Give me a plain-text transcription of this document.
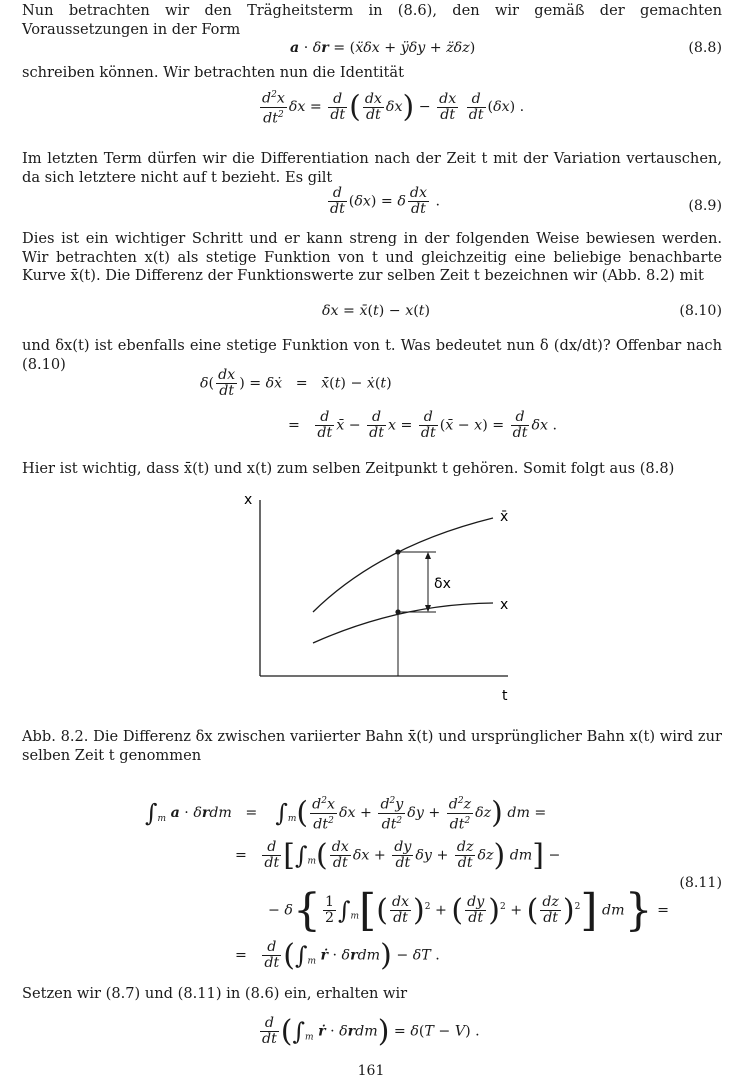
Nun betrachten wir den Trägheitsterm in (8.6), den wir gemäß der gemachten Voraussetzungen in der Form
a · δr = (ẍδx + ÿδy + z̈δz)	(8.8)
schreiben können. Wir betrachten nun die Identität
$\frac{d^2x}{dt^2}$ $\delta x = \frac{d}{dt}$ ( $\frac{dx}{dt} \delta x) - \frac{dx}{dt}$
$\frac{d}{dt} (\delta x)$ .
Im letzten Term dürfen wir die Differentiation nach der Zeit t mit der Variation vertauschen, da sich letztere nicht auf t bezieht. Es gilt
$\frac{d}{dt} (\delta x) = \delta \frac{dx}{dt}$ .	(8.9)
Dies ist ein wichtiger Schritt und er kann streng in der folgenden Weise bewiesen werden. Wir betrachten x(t) als stetige Funktion von t und gleichzeitig eine beliebige benachbarte Kurve x̄(t). Die Differenz der Funktionswerte zur selben Zeit t bezeichnen wir (Abb. 8.2) mit
δx = x̄(t) − x(t)	(8.10)
und δx(t) ist ebenfalls eine stetige Funktion von t. Was bedeutet nun δ (dx/dt)? Offenbar nach (8.10)
$\delta( \frac{dx}{dt}$ ) = δẋ   =   x̄̇(t) − ẋ(t)
= $\frac{d}{dt}$ x̄ − $\frac{d}{dt}$ $x = \frac{d}{dt}$ (x̄ − $x) = \frac{d}{dt}$ δx .
Hier ist wichtig, dass x̄(t) und x(t) zum selben Zeitpunkt t gehören. Somit folgt aus (8.8)
x
t
x̄
x
δx
Abb. 8.2. Die Differenz δx zwischen variierter Bahn x̄(t) und ursprünglicher Bahn x(t) wird zur selben Zeit t genommen
$\int_m$ a · δrdm   =    $\int_m( \frac{d^2x}{dt^2}$ $\delta x + \frac{d^2y}{dt^2}$ $\delta y + \frac{d^2z}{dt^2} \delta z$) dm =
= $\frac{d}{dt} [\int_m( \frac{dx}{dt}$ $\delta x + \frac{dy}{dt}$ $\delta y + \frac{dz}{dt} \delta z$) dm] −
− $\delta\{ \frac{1}{2} \int_m[( \frac{dx}{dt} )^2$ + ( $\frac{dy}{dt} )^2$ + ( $\frac{dz}{dt} )^2$] dm} =
(8.11)
= $\frac{d}{dt} (\int_m$ ṙ · δrdm) − δT .
Setzen wir (8.7) und (8.11) in (8.6) ein, erhalten wir
$\frac{d}{dt} (\int_m$ ṙ · δrdm) = δ(T − V) .
161
